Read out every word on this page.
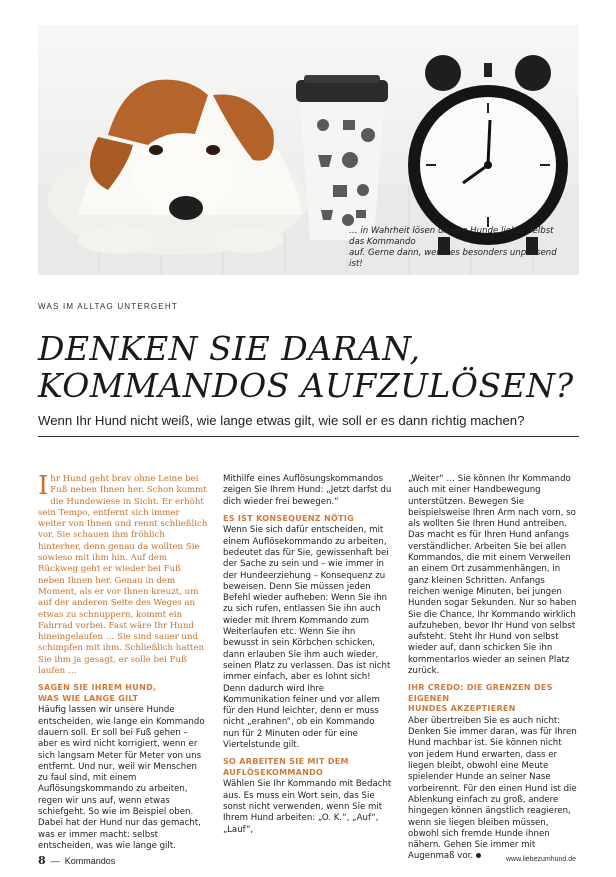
… in Wahrheit lösen unsere Hunde lieber selbst das Kommando
auf. Gerne dann, wenn es besonders unpassend ist!
WAS IM ALLTAG UNTERGEHT
DENKEN SIE DARAN,
KOMMANDOS AUFZULÖSEN?
Wenn Ihr Hund nicht weiß, wie lange etwas gilt, wie soll er es dann richtig machen?

Ihr Hund geht brav ohne Leine bei Fuß neben Ihnen her. Schon kommt die Hundewiese in Sicht. Er erhöht sein Tempo, entfernt sich immer weiter von Ihnen und rennt schließlich vor. Sie schauen ihm fröhlich hinterher, denn genau da wollten Sie sowieso mit ihm hin. Auf dem Rückweg geht er wieder bei Fuß neben Ihnen her. Genau in dem Moment, als er vor Ihnen kreuzt, um auf der anderen Seite des Weges an etwas zu schnuppern, kommt ein Fahrrad vorbei. Fast wäre Ihr Hund hineingelaufen … Sie sind sauer und schimpfen mit ihm. Schließlich hatten Sie ihm ja gesagt, er solle bei Fuß laufen …

SAGEN SIE IHREM HUND,
WAS WIE LANGE GILT

Häufig lassen wir unsere Hunde entscheiden, wie lange ein Kommando dauern soll. Er soll bei Fuß gehen – aber es wird nicht korrigiert, wenn er sich langsam Meter für Meter von uns entfernt. Und nur, weil wir Menschen zu faul sind, mit einem Auflösungskommando zu arbeiten, regen wir uns auf, wenn etwas schiefgeht. So wie im Beispiel oben. Dabei hat der Hund nur das gemacht, was er immer macht: selbst entscheiden, was wie lange gilt.

Mithilfe eines Auflösungskommandos zeigen Sie Ihrem Hund: „Jetzt darfst du dich wieder frei bewegen.“

ES IST KONSEQUENZ NÖTIG

Wenn Sie sich dafür entscheiden, mit einem Auflösekommando zu arbeiten, bedeutet das für Sie, gewissenhaft bei der Sache zu sein und – wie immer in der Hundeerziehung – Konsequenz zu beweisen. Denn Sie müssen jeden Befehl wieder aufheben: Wenn Sie ihn zu sich rufen, entlassen Sie ihn auch wieder mit Ihrem Kommando zum Weiterlaufen etc. Wenn Sie ihn bewusst in sein Körbchen schicken, dann erlauben Sie ihm auch wieder, seinen Platz zu verlassen. Das ist nicht immer einfach, aber es lohnt sich! Denn dadurch wird Ihre Kommunikation feiner und vor allem für den Hund leichter, denn er muss nicht „erahnen“, ob ein Kommando nun für 2 Minuten oder für eine Viertelstunde gilt.

SO ARBEITEN SIE MIT DEM
AUFLÖSEKOMMANDO

Wählen Sie Ihr Kommando mit Bedacht aus. Es muss ein Wort sein, das Sie sonst nicht verwenden, wenn Sie mit Ihrem Hund arbeiten: „O. K.“, „Auf“, „Lauf“,

„Weiter“ … Sie können Ihr Kommando auch mit einer Handbewegung unterstützen. Bewegen Sie beispielsweise Ihren Arm nach vorn, so als wollten Sie Ihren Hund antreiben. Das macht es für Ihren Hund anfangs verständlicher. Arbeiten Sie bei allen Kommandos, die mit einem Verweilen an einem Ort zusammenhängen, in ganz kleinen Schritten. Anfangs reichen wenige Minuten, bei jungen Hunden sogar Sekunden. Nur so haben Sie die Chance, Ihr Kommando wirklich aufzuheben, bevor Ihr Hund von selbst aufsteht. Steht Ihr Hund von selbst wieder auf, dann schicken Sie ihn kommentarlos wieder an seinen Platz zurück.

IHR CREDO: DIE GRENZEN DES EIGENEN
HUNDES AKZEPTIEREN

Aber übertreiben Sie es auch nicht: Denken Sie immer daran, was für Ihren Hund machbar ist. Sie können nicht von jedem Hund erwarten, dass er liegen bleibt, obwohl eine Meute spielender Hunde an seiner Nase vorbeirennt. Für den einen Hund ist die Ablenkung einfach zu groß, andere hingegen können ängstlich reagieren, wenn sie liegen bleiben müssen, obwohl sich fremde Hunde ihnen nähern. Gehen Sie immer mit Augenmaß vor.

8  —  Kommandos	www.liebezumhund.de
